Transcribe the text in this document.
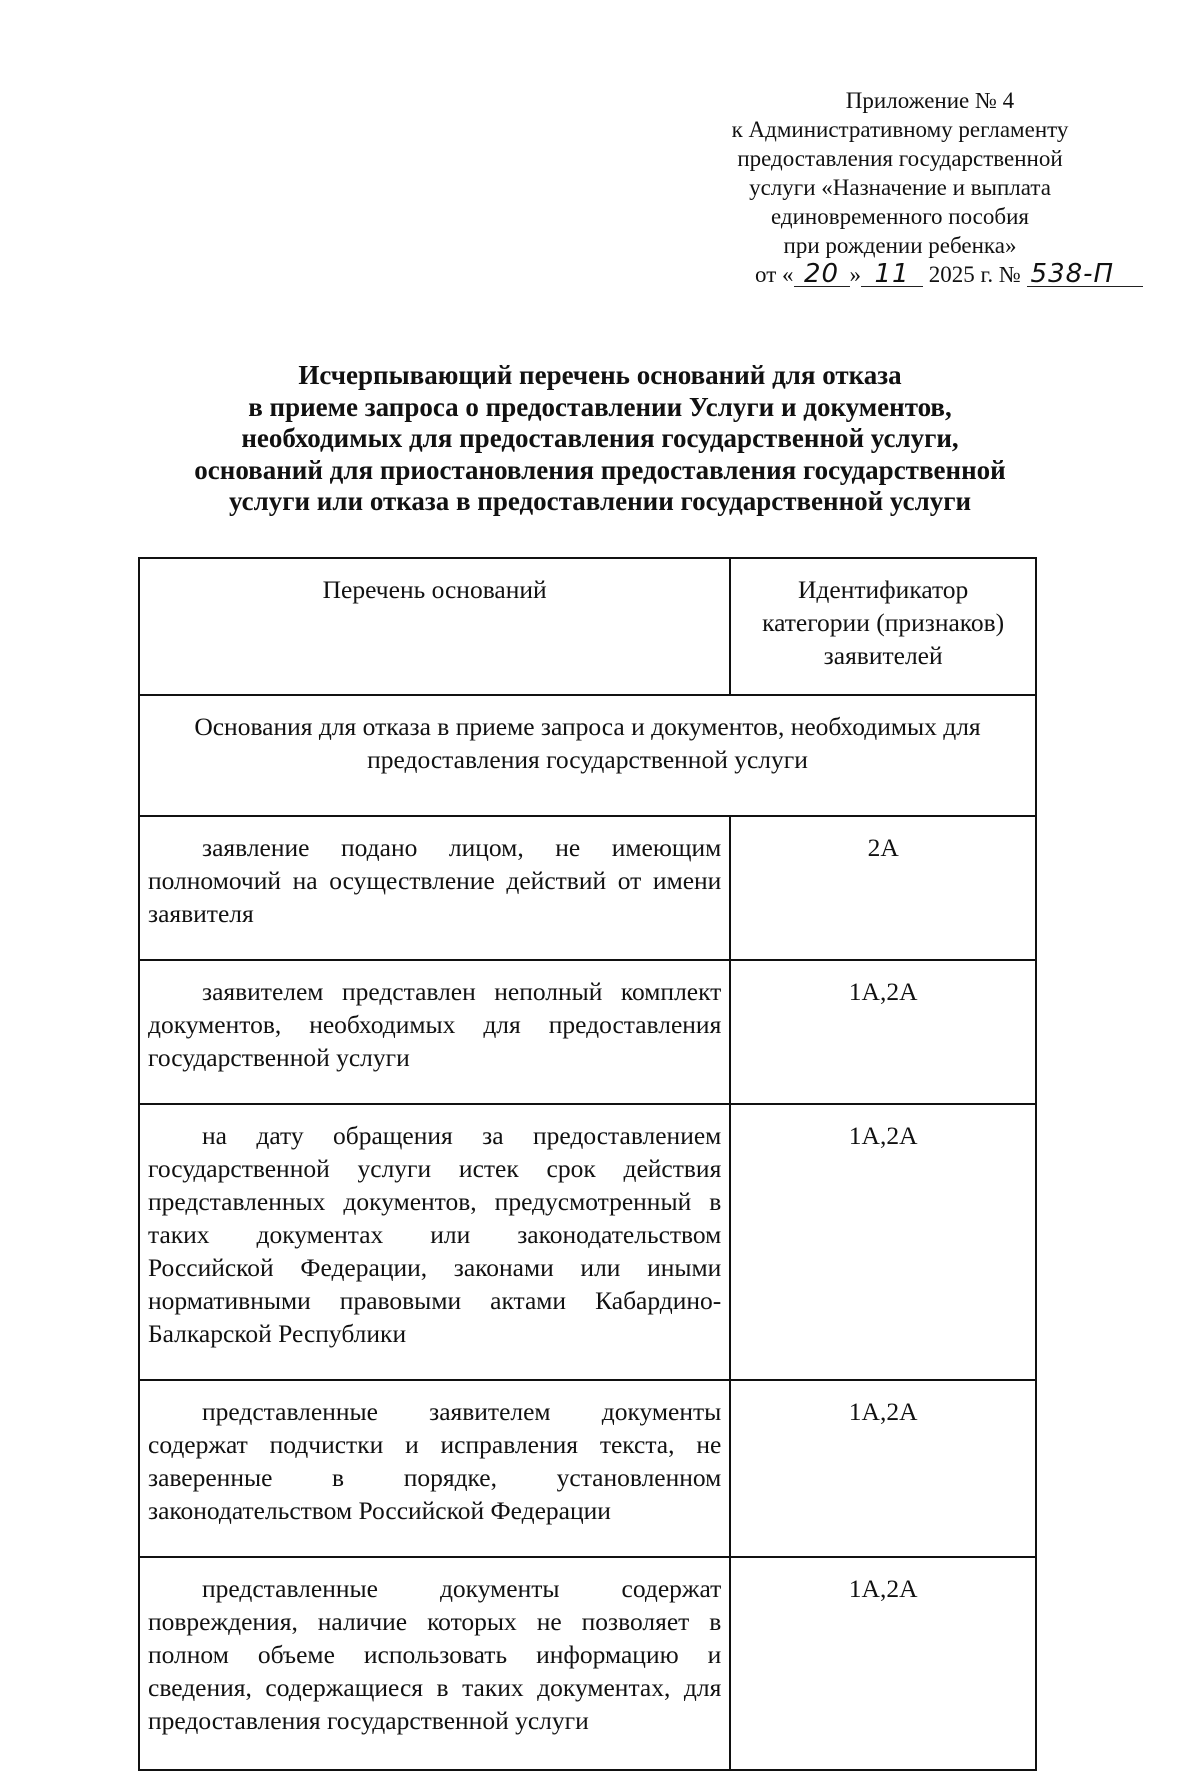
Приложение № 4
к Административному регламенту
предоставления государственной
услуги «Назначение и выплата
единовременного пособия
при рождении ребенка»
от « 20 » 11 2025 г. № 538-П
Исчерпывающий перечень оснований для отказа
в приеме запроса о предоставлении Услуги и документов,
необходимых для предоставления государственной услуги,
оснований для приостановления предоставления государственной
услуги или отказа в предоставлении государственной услуги
Перечень оснований	Идентификатор
категории (признаков)
заявителей

Основания для отказа в приеме запроса и документов, необходимых для
предоставления государственной услуги	

заявление подано лицом, не имеющим полномочий на осуществление действий от имени заявителя	2А

заявителем представлен неполный комплект документов, необходимых для предоставления государственной услуги	1А,2А

на дату обращения за предоставлением государственной услуги истек срок действия представленных документов, предусмотренный в таких документах или законодательством Российской Федерации, законами или иными нормативными правовыми актами Кабардино-Балкарской Республики	1А,2А

представленные заявителем документы содержат подчистки и исправления текста, не заверенные в порядке, установленном законодательством Российской Федерации	1А,2А

представленные документы содержат повреждения, наличие которых не позволяет в полном объеме использовать информацию и сведения, содержащиеся в таких документах, для предоставления государственной услуги	1А,2А
